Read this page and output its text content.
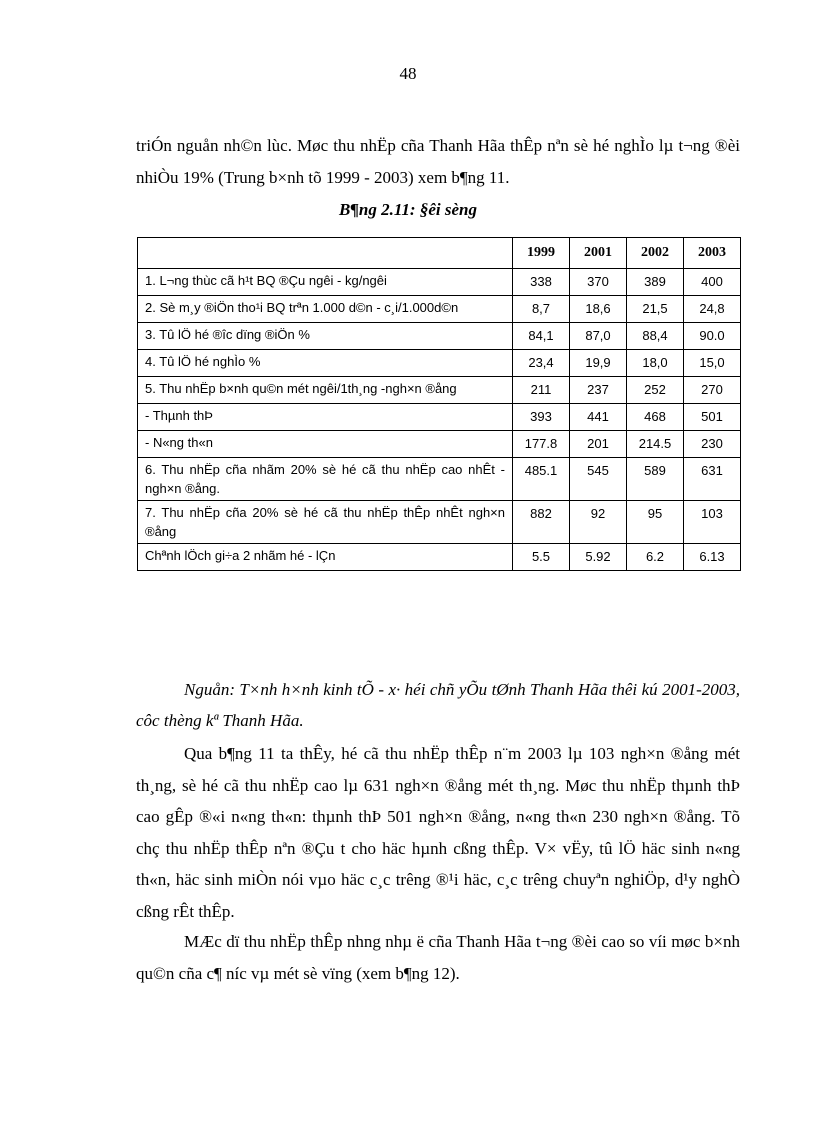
48

triÓn nguån nh©n lùc. Møc thu nhËp cña Thanh Hãa thÊp nªn sè hé nghÌo lµ t¬ng ®èi nhiÒu 19% (Trung b×nh tõ 1999 - 2003) xem b¶ng 11.

B¶ng 2.11: §êi sèng
	1999	2001	2002	2003
1. L¬ng thùc cã h¹t BQ ®Çu ngêi - kg/ngêi	338	370	389	400
2. Sè m¸y ®iÖn tho¹i BQ trªn 1.000 d©n - c¸i/1.000d©n	8,7	18,6	21,5	24,8
3. Tû lÖ hé ®îc dïng ®iÖn %	84,1	87,0	88,4	90.0
4. Tû lÖ hé nghÌo %	23,4	19,9	18,0	15,0
5. Thu nhËp b×nh qu©n mét ngêi/1th¸ng -ngh×n ®ång	211	237	252	270
- Thµnh thÞ	393	441	468	501
- N«ng th«n	177.8	201	214.5	230
6. Thu nhËp cña nhãm 20% sè hé cã thu nhËp cao nhÊt - ngh×n ®ång.	485.1	545	589	631
7. Thu nhËp cña 20% sè hé cã thu nhËp thÊp nhÊt ngh×n ®ång	882	92	95	103
Chªnh lÖch gi÷a 2 nhãm hé - lÇn	5.5	5.92	6.2	6.13

Nguån: T×nh h×nh kinh tÕ - x· héi chñ yÕu tØnh Thanh Hãa thêi kú 2001-2003, côc thèng kª Thanh Hãa.

Qua b¶ng 11 ta thÊy, hé cã thu nhËp thÊp n¨m 2003 lµ 103 ngh×n ®ång mét th¸ng, sè hé cã thu nhËp cao lµ 631 ngh×n ®ång mét th¸ng. Møc thu nhËp thµnh thÞ cao gÊp ®«i n«ng th«n: thµnh thÞ 501 ngh×n ®ång, n«ng th«n 230 ngh×n ®ång. Tõ chç thu nhËp thÊp nªn ®Çu t cho häc hµnh cßng thÊp. V× vËy, tû lÖ häc sinh n«ng th«n, häc sinh miÒn nói vµo häc c¸c trêng ®¹i häc, c¸c trêng chuyªn nghiÖp, d¹y nghÒ cßng rÊt thÊp.

MÆc dï thu nhËp thÊp nhng nhµ ë cña Thanh Hãa t¬ng ®èi cao so víi møc b×nh qu©n cña c¶ níc vµ mét sè vïng (xem b¶ng 12).
